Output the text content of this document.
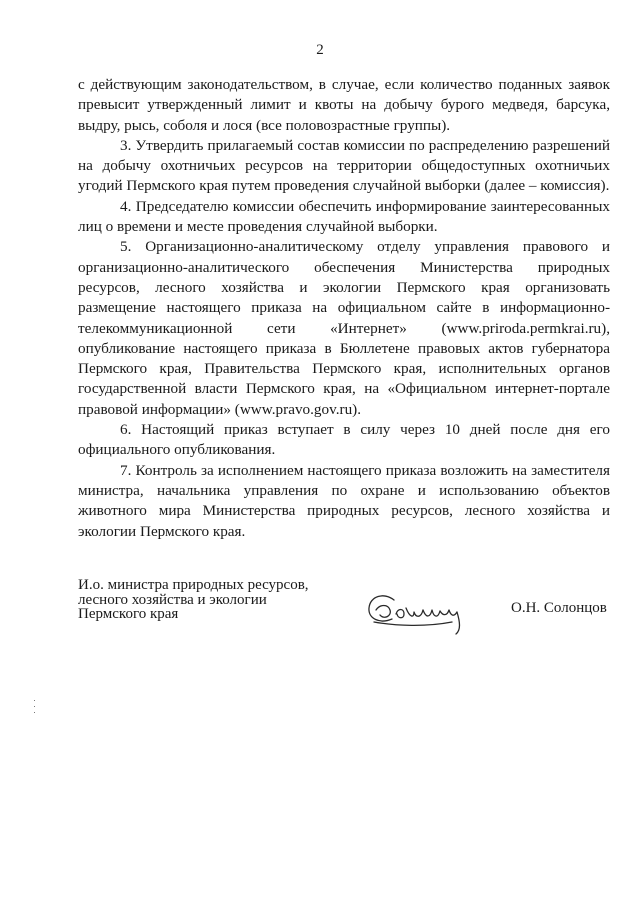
2

с действующим законодательством, в случае, если количество поданных заявок превысит утвержденный лимит и квоты на добычу бурого медведя, барсука, выдру, рысь, соболя и лося (все половозрастные группы).

3. Утвердить прилагаемый состав комиссии по распределению разрешений на добычу охотничьих ресурсов на территории общедоступных охотничьих угодий Пермского края путем проведения случайной выборки (далее – комиссия).

4. Председателю комиссии обеспечить информирование заинтересованных лиц о времени и месте проведения случайной выборки.

5. Организационно-аналитическому отделу управления правового и организационно-аналитического обеспечения Министерства природных ресурсов, лесного хозяйства и экологии Пермского края организовать размещение настоящего приказа на официальном сайте в информационно-телекоммуникационной сети «Интернет» (www.priroda.permkrai.ru), опубликование настоящего приказа в Бюллетене правовых актов губернатора Пермского края, Правительства Пермского края, исполнительных органов государственной власти Пермского края, на «Официальном интернет-портале правовой информации» (www.pravo.gov.ru).

6. Настоящий приказ вступает в силу через 10 дней после дня его официального опубликования.

7. Контроль за исполнением настоящего приказа возложить на заместителя министра, начальника управления по охране и использованию объектов животного мира Министерства природных ресурсов, лесного хозяйства и экологии Пермского края.

И.о. министра природных ресурсов,
лесного хозяйства и экологии
Пермского края	О.Н. Солонцов
